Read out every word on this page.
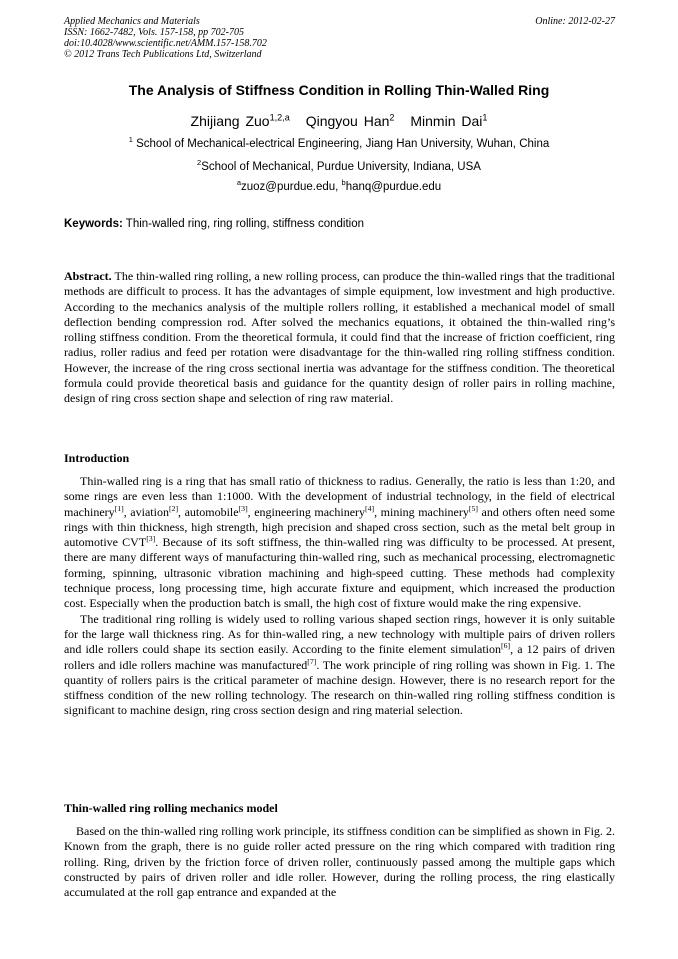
Applied Mechanics and Materials
ISSN: 1662-7482, Vols. 157-158, pp 702-705
doi:10.4028/www.scientific.net/AMM.157-158.702
© 2012 Trans Tech Publications Ltd, Switzerland
Online: 2012-02-27
The Analysis of Stiffness Condition in Rolling Thin-Walled Ring
Zhijiang Zuo$^{1,2,a}$ Qingyou Han$^2$ Minmin Dai$^1$
$^1$ School of Mechanical-electrical Engineering, Jiang Han University, Wuhan, China
$^2$School of Mechanical, Purdue University, Indiana, USA
$^a$zuoz@purdue.edu, $^b$hanq@purdue.edu
Keywords: Thin-walled ring, ring rolling, stiffness condition
Abstract. The thin-walled ring rolling, a new rolling process, can produce the thin-walled rings that the traditional methods are difficult to process. It has the advantages of simple equipment, low investment and high productive. According to the mechanics analysis of the multiple rollers rolling, it established a mechanical model of small deflection bending compression rod. After solved the mechanics equations, it obtained the thin-walled ring’s rolling stiffness condition. From the theoretical formula, it could find that the increase of friction coefficient, ring radius, roller radius and feed per rotation were disadvantage for the thin-walled ring rolling stiffness condition. However, the increase of the ring cross sectional inertia was advantage for the stiffness condition. The theoretical formula could provide theoretical basis and guidance for the quantity design of roller pairs in rolling machine, design of ring cross section shape and selection of ring raw material.
Introduction

Thin-walled ring is a ring that has small ratio of thickness to radius. Generally, the ratio is less than 1:20, and some rings are even less than 1:1000. With the development of industrial technology, in the field of electrical machinery[1], aviation[2], automobile[3], engineering machinery[4], mining machinery[5] and others often need some rings with thin thickness, high strength, high precision and shaped cross section, such as the metal belt group in automotive CVT[3]. Because of its soft stiffness, the thin-walled ring was difficulty to be processed. At present, there are many different ways of manufacturing thin-walled ring, such as mechanical processing, electromagnetic forming, spinning, ultrasonic vibration machining and high-speed cutting. These methods had complexity technique process, long processing time, high accurate fixture and equipment, which increased the production cost. Especially when the production batch is small, the high cost of fixture would make the ring expensive.

The traditional ring rolling is widely used to rolling various shaped section rings, however it is only suitable for the large wall thickness ring. As for thin-walled ring, a new technology with multiple pairs of driven rollers and idle rollers could shape its section easily. According to the finite element simulation[6], a 12 pairs of driven rollers and idle rollers machine was manufactured[7]. The work principle of ring rolling was shown in Fig. 1. The quantity of rollers pairs is the critical parameter of machine design. However, there is no research report for the stiffness condition of the new rolling technology. The research on thin-walled ring rolling stiffness condition is significant to machine design, ring cross section design and ring material selection.

Thin-walled ring rolling mechanics model
Based on the thin-walled ring rolling work principle, its stiffness condition can be simplified as shown in Fig. 2. Known from the graph, there is no guide roller acted pressure on the ring which compared with tradition ring rolling. Ring, driven by the friction force of driven roller, continuously passed among the multiple gaps which constructed by pairs of driven roller and idle roller. However, during the rolling process, the ring elastically accumulated at the roll gap entrance and expanded at the
